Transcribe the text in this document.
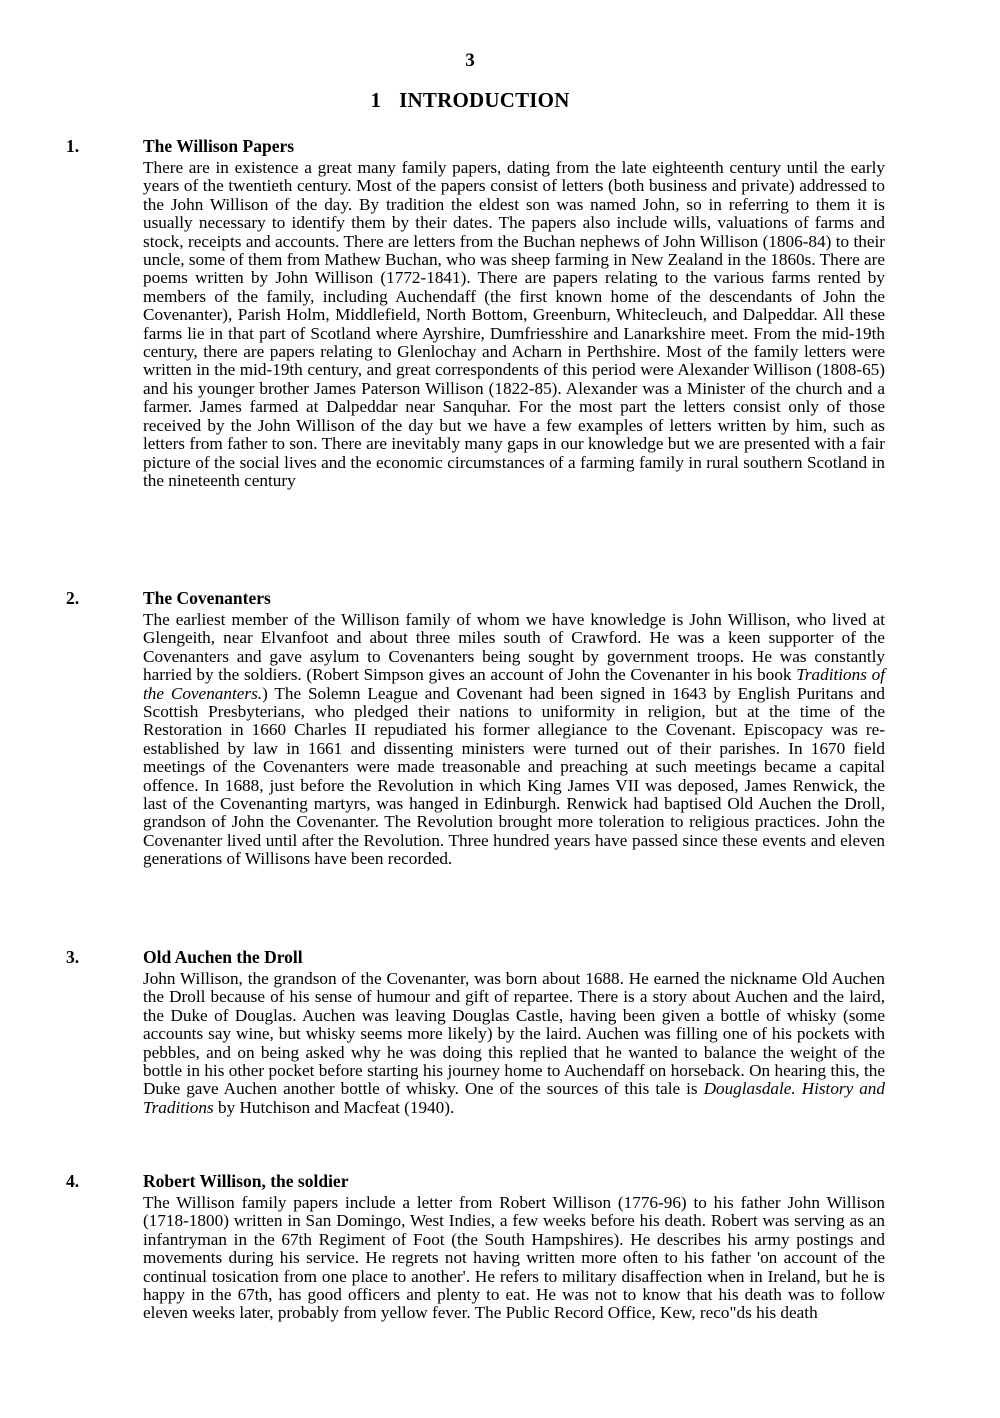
3
1 INTRODUCTION
1.	The Willison Papers

There are in existence a great many family papers, dating from the late eighteenth century until the early years of the twentieth century. Most of the papers consist of letters (both business and private) addressed to the John Willison of the day. By tradition the eldest son was named John, so in referring to them it is usually necessary to identify them by their dates. The papers also include wills, valuations of farms and stock, receipts and accounts. There are letters from the Buchan nephews of John Willison (1806-84) to their uncle, some of them from Mathew Buchan, who was sheep farming in New Zealand in the 1860s. There are poems written by John Willison (1772-1841). There are papers relating to the various farms rented by members of the family, including Auchendaff (the first known home of the descendants of John the Covenanter), Parish Holm, Middlefield, North Bottom, Greenburn, Whitecleuch, and Dalpeddar. All these farms lie in that part of Scotland where Ayrshire, Dumfriesshire and Lanarkshire meet. From the mid-19th century, there are papers relating to Glenlochay and Acharn in Perthshire. Most of the family letters were written in the mid-19th century, and great correspondents of this period were Alexander Willison (1808-65) and his younger brother James Paterson Willison (1822-85). Alexander was a Minister of the church and a farmer. James farmed at Dalpeddar near Sanquhar. For the most part the letters consist only of those received by the John Willison of the day but we have a few examples of letters written by him, such as letters from father to son. There are inevitably many gaps in our knowledge but we are presented with a fair picture of the social lives and the economic circumstances of a farming family in rural southern Scotland in the nineteenth century

2.	The Covenanters

The earliest member of the Willison family of whom we have knowledge is John Willison, who lived at Glengeith, near Elvanfoot and about three miles south of Crawford. He was a keen supporter of the Covenanters and gave asylum to Covenanters being sought by government troops. He was constantly harried by the soldiers. (Robert Simpson gives an account of John the Covenanter in his book Traditions of the Covenanters.) The Solemn League and Covenant had been signed in 1643 by English Puritans and Scottish Presbyterians, who pledged their nations to uniformity in religion, but at the time of the Restoration in 1660 Charles II repudiated his former allegiance to the Covenant. Episcopacy was re-established by law in 1661 and dissenting ministers were turned out of their parishes. In 1670 field meetings of the Covenanters were made treasonable and preaching at such meetings became a capital offence. In 1688, just before the Revolution in which King James VII was deposed, James Renwick, the last of the Covenanting martyrs, was hanged in Edinburgh. Renwick had baptised Old Auchen the Droll, grandson of John the Covenanter. The Revolution brought more toleration to religious practices. John the Covenanter lived until after the Revolution. Three hundred years have passed since these events and eleven generations of Willisons have been recorded.

3.	Old Auchen the Droll

John Willison, the grandson of the Covenanter, was born about 1688. He earned the nickname Old Auchen the Droll because of his sense of humour and gift of repartee. There is a story about Auchen and the laird, the Duke of Douglas. Auchen was leaving Douglas Castle, having been given a bottle of whisky (some accounts say wine, but whisky seems more likely) by the laird. Auchen was filling one of his pockets with pebbles, and on being asked why he was doing this replied that he wanted to balance the weight of the bottle in his other pocket before starting his journey home to Auchendaff on horseback. On hearing this, the Duke gave Auchen another bottle of whisky. One of the sources of this tale is Douglasdale. History and Traditions by Hutchison and Macfeat (1940).

4.	Robert Willison, the soldier

The Willison family papers include a letter from Robert Willison (1776-96) to his father John Willison (1718-1800) written in San Domingo, West Indies, a few weeks before his death. Robert was serving as an infantryman in the 67th Regiment of Foot (the South Hampshires). He describes his army postings and movements during his service. He regrets not having written more often to his father 'on account of the continual tosication from one place to another'. He refers to military disaffection when in Ireland, but he is happy in the 67th, has good officers and plenty to eat. He was not to know that his death was to follow eleven weeks later, probably from yellow fever. The Public Record Office, Kew, reco"ds his death
